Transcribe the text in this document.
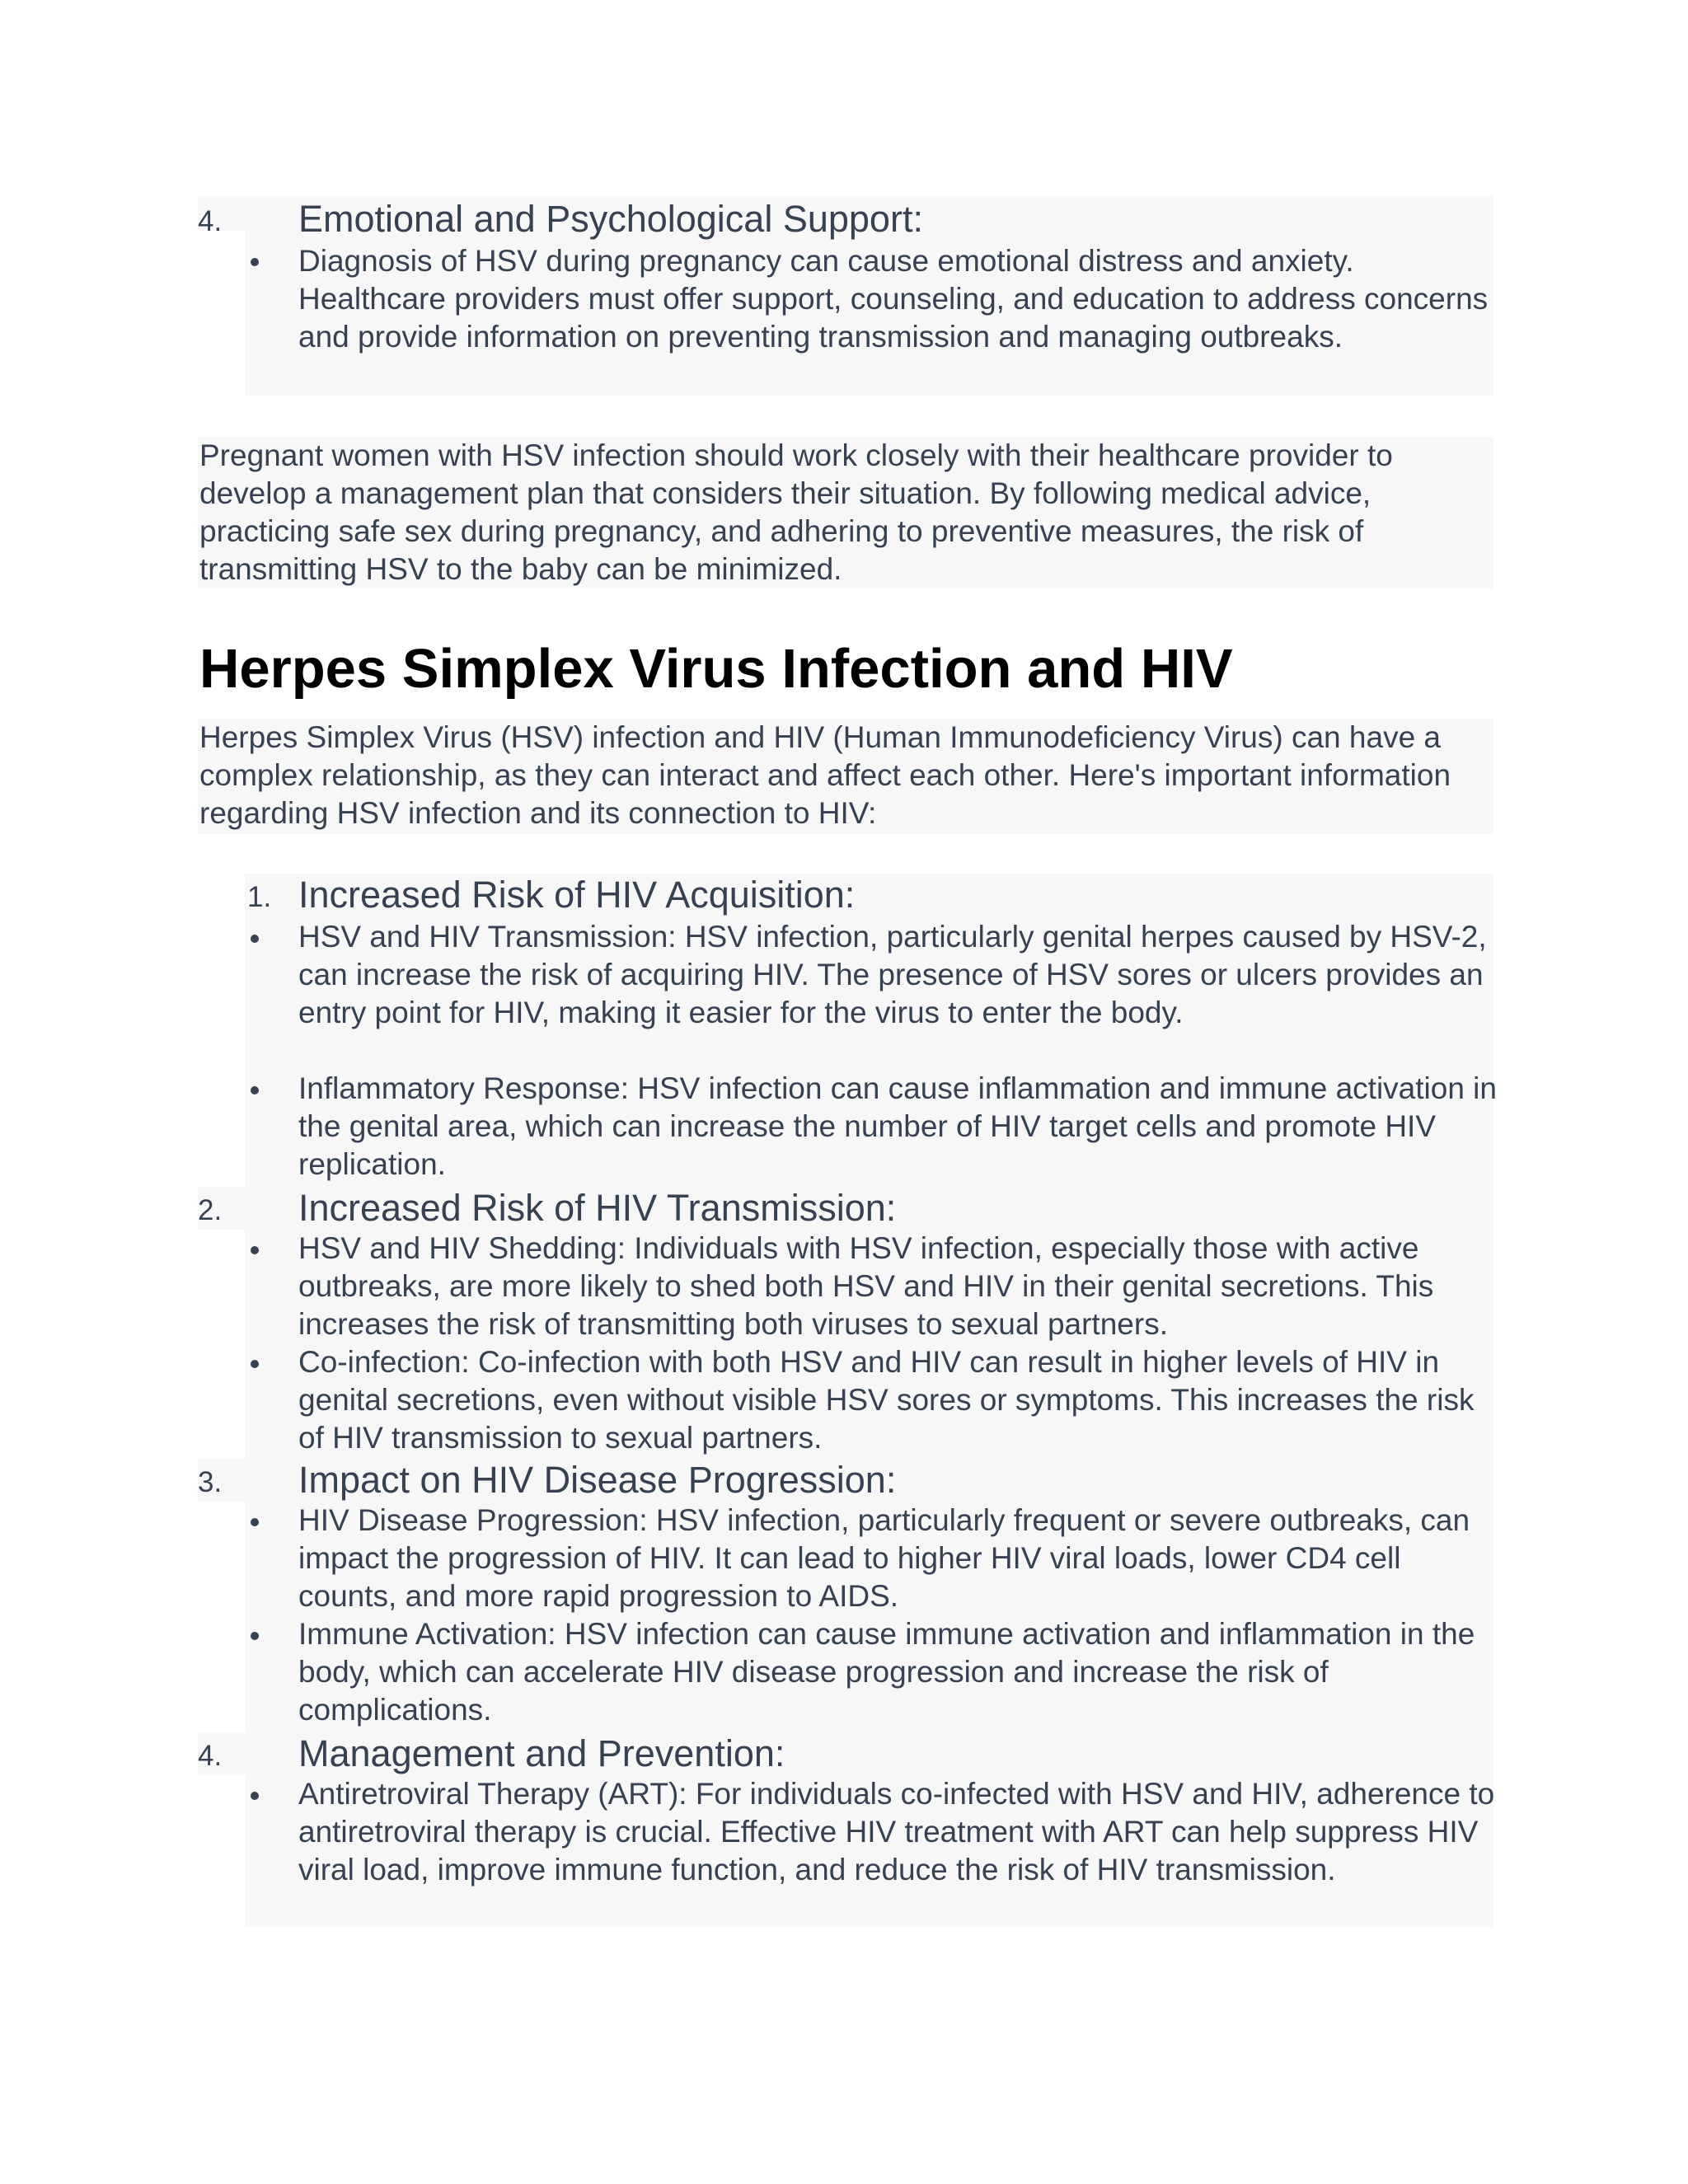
4. Emotional and Psychological Support:
Diagnosis of HSV during pregnancy can cause emotional distress and anxiety. Healthcare providers must offer support, counseling, and education to address concerns and provide information on preventing transmission and managing outbreaks.
Pregnant women with HSV infection should work closely with their healthcare provider to develop a management plan that considers their situation. By following medical advice, practicing safe sex during pregnancy, and adhering to preventive measures, the risk of transmitting HSV to the baby can be minimized.
Herpes Simplex Virus Infection and HIV
Herpes Simplex Virus (HSV) infection and HIV (Human Immunodeficiency Virus) can have a complex relationship, as they can interact and affect each other. Here's important information regarding HSV infection and its connection to HIV:
1. Increased Risk of HIV Acquisition:
HSV and HIV Transmission: HSV infection, particularly genital herpes caused by HSV-2, can increase the risk of acquiring HIV. The presence of HSV sores or ulcers provides an entry point for HIV, making it easier for the virus to enter the body.
Inflammatory Response: HSV infection can cause inflammation and immune activation in the genital area, which can increase the number of HIV target cells and promote HIV replication.
2. Increased Risk of HIV Transmission:
HSV and HIV Shedding: Individuals with HSV infection, especially those with active outbreaks, are more likely to shed both HSV and HIV in their genital secretions. This increases the risk of transmitting both viruses to sexual partners.
Co-infection: Co-infection with both HSV and HIV can result in higher levels of HIV in genital secretions, even without visible HSV sores or symptoms. This increases the risk of HIV transmission to sexual partners.
3. Impact on HIV Disease Progression:
HIV Disease Progression: HSV infection, particularly frequent or severe outbreaks, can impact the progression of HIV. It can lead to higher HIV viral loads, lower CD4 cell counts, and more rapid progression to AIDS.
Immune Activation: HSV infection can cause immune activation and inflammation in the body, which can accelerate HIV disease progression and increase the risk of complications.
4. Management and Prevention:
Antiretroviral Therapy (ART): For individuals co-infected with HSV and HIV, adherence to antiretroviral therapy is crucial. Effective HIV treatment with ART can help suppress HIV viral load, improve immune function, and reduce the risk of HIV transmission.
